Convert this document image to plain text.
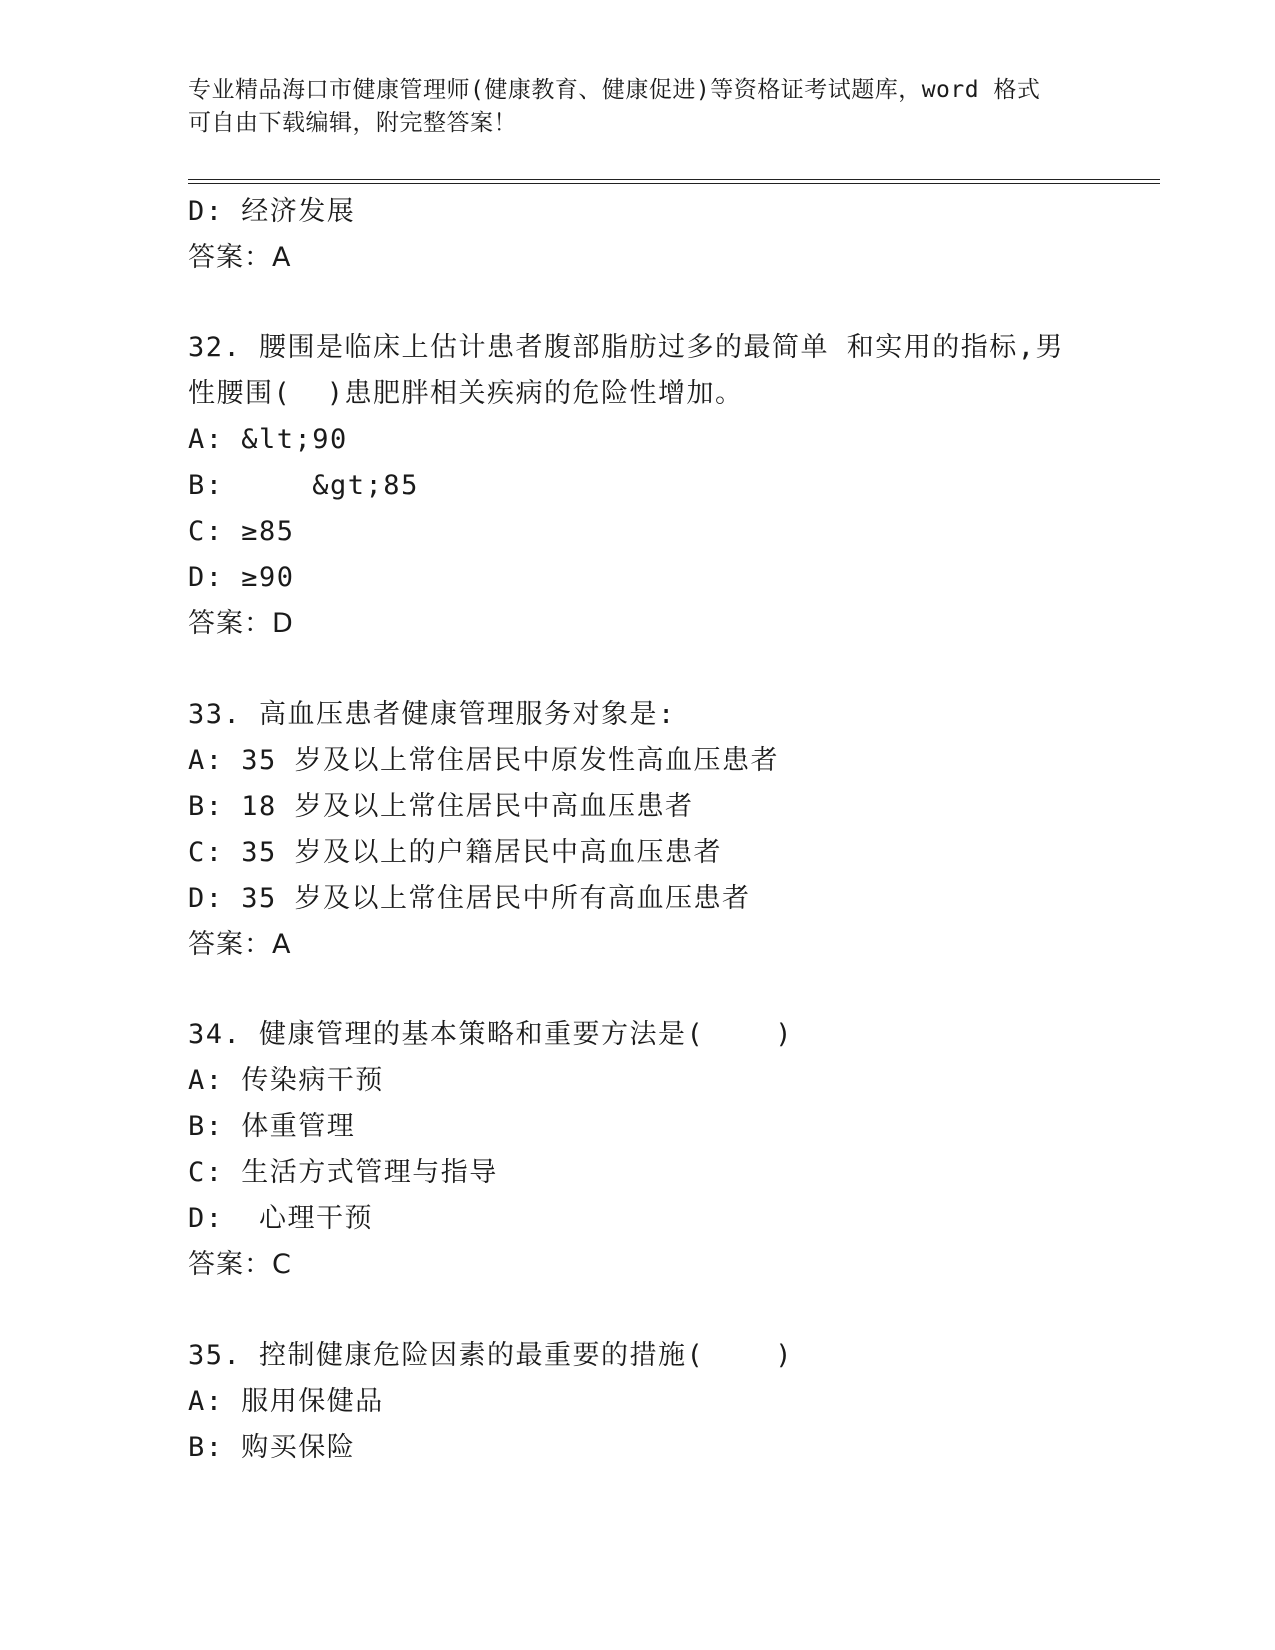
专业精品海口市健康管理师(健康教育、健康促进)等资格证考试题库，word 格式
可自由下载编辑，附完整答案！
D: 经济发展
答案：A
32. 腰围是临床上估计患者腹部脂肪过多的最简单 和实用的指标,男
性腰围(  )患肥胖相关疾病的危险性增加。
A: &lt;90
B:     &gt;85
C: ≥85
D: ≥90
答案：D
33. 高血压患者健康管理服务对象是:
A: 35 岁及以上常住居民中原发性高血压患者
B: 18 岁及以上常住居民中高血压患者
C: 35 岁及以上的户籍居民中高血压患者
D: 35 岁及以上常住居民中所有高血压患者
答案：A
34. 健康管理的基本策略和重要方法是(    )
A: 传染病干预
B: 体重管理
C: 生活方式管理与指导
D:  心理干预
答案：C
35. 控制健康危险因素的最重要的措施(    )
A: 服用保健品
B: 购买保险
